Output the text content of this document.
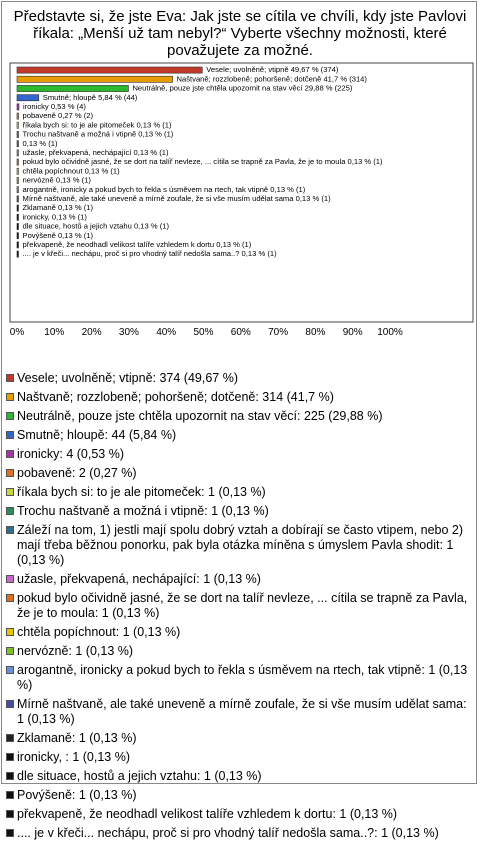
Představte si, že jste Eva: Jak jste se cítila ve chvíli, kdy jste Pavlovi říkala: „Menší už tam nebyl?“ Vyberte všechny možnosti, které považujete za možné.
Vesele; uvolněně; vtipně 49,67 % (374)
Naštvaně; rozzlobeně; pohoršeně; dotčeně 41,7 % (314)
Neutrálně, pouze jste chtěla upozornit na stav věcí 29,88 % (225)
Smutně; hloupě 5,84 % (44)
ironicky 0,53 % (4)
pobaveně 0,27 % (2)
říkala bych si: to je ale pitomeček 0,13 % (1)
Trochu naštvaně a možná i vtipně 0,13 % (1)
0,13 % (1)
užasle, překvapená, nechápající 0,13 % (1)
pokud bylo očividně jasné, že se dort na talíř nevleze, ... cítila se trapně za Pavla, že je to moula 0,13 % (1)
chtěla popíchnout 0,13 % (1)
nervózně 0,13 % (1)
arogantně, ironicky a pokud bych to řekla s úsměvem na rtech, tak vtipně 0,13 % (1)
Mírně naštvaně, ale také uneveně a mírně zoufale, že si vše musím udělat sama 0,13 % (1)
Zklamaně 0,13 % (1)
ironicky, 0,13 % (1)
dle situace, hostů a jejich vztahu 0,13 % (1)
Povýšeně 0,13 % (1)
překvapeně, že neodhadl velikost talíře vzhledem k dortu 0,13 % (1)
.... je v křeči... nechápu, proč si pro vhodný talíř nedošla sama..? 0,13 % (1)
0% 10% 20% 30% 40% 50% 60% 70% 80% 90% 100%
Vesele; uvolněně; vtipně: 374 (49,67 %)
Naštvaně; rozzlobeně; pohoršeně; dotčeně: 314 (41,7 %)
Neutrálně, pouze jste chtěla upozornit na stav věcí: 225 (29,88 %)
Smutně; hloupě: 44 (5,84 %)
ironicky: 4 (0,53 %)
pobaveně: 2 (0,27 %)
říkala bych si: to je ale pitomeček: 1 (0,13 %)
Trochu naštvaně a možná i vtipně: 1 (0,13 %)
Záleží na tom, 1) jestli mají spolu dobrý vztah a dobírají se často vtipem, nebo 2) mají třeba běžnou ponorku, pak byla otázka míněna s úmyslem Pavla shodit: 1 (0,13 %)
užasle, překvapená, nechápající: 1 (0,13 %)
pokud bylo očividně jasné, že se dort na talíř nevleze, ... cítila se trapně za Pavla, že je to moula: 1 (0,13 %)
chtěla popíchnout: 1 (0,13 %)
nervózně: 1 (0,13 %)
arogantně, ironicky a pokud bych to řekla s úsměvem na rtech, tak vtipně: 1 (0,13 %)
Mírně naštvaně, ale také uneveně a mírně zoufale, že si vše musím udělat sama: 1 (0,13 %)
Zklamaně: 1 (0,13 %)
ironicky, : 1 (0,13 %)
dle situace, hostů a jejich vztahu: 1 (0,13 %)
Povýšeně: 1 (0,13 %)
překvapeně, že neodhadl velikost talíře vzhledem k dortu: 1 (0,13 %)
.... je v křeči... nechápu, proč si pro vhodný talíř nedošla sama..?: 1 (0,13 %)
